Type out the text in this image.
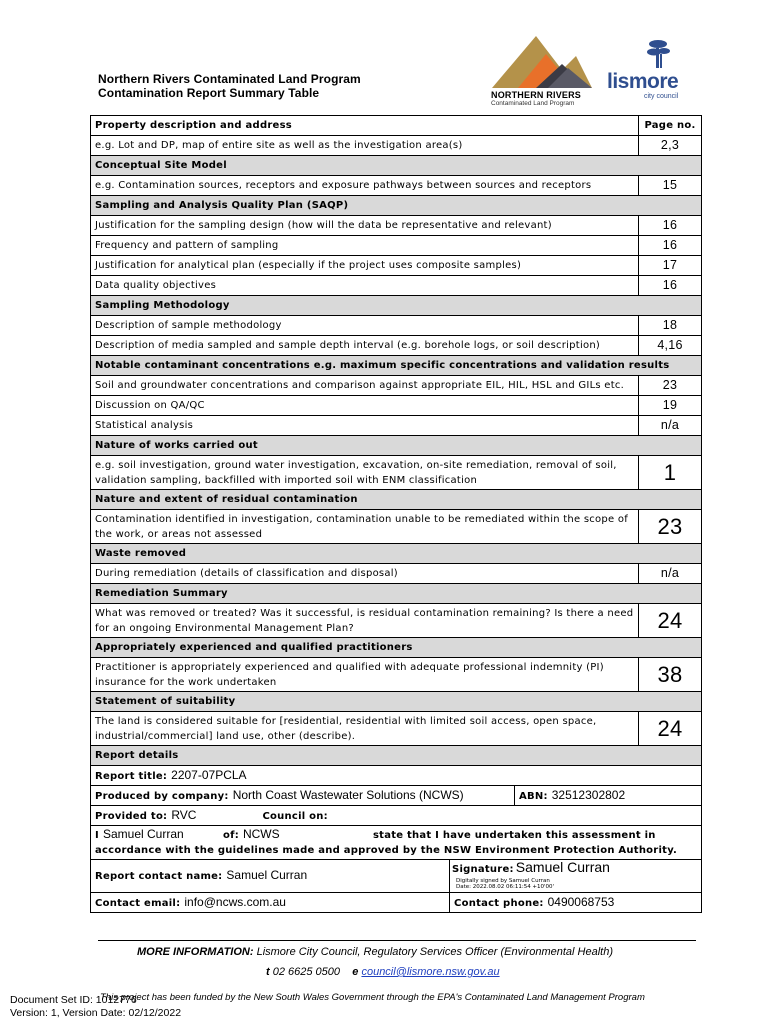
Northern Rivers Contaminated Land Program
Contamination Report Summary Table	NORTHERN RIVERS
Contaminated Land Program
lismore
city council
Property description and address	Page no.
e.g. Lot and DP, map of entire site as well as the investigation area(s)	2,3
Conceptual Site Model
e.g. Contamination sources, receptors and exposure pathways between sources and receptors	15
Sampling and Analysis Quality Plan (SAQP)
Justification for the sampling design (how will the data be representative and relevant)	16
Frequency and pattern of sampling	16
Justification for analytical plan (especially if the project uses composite samples)	17
Data quality objectives	16
Sampling Methodology
Description of sample methodology	18
Description of media sampled and sample depth interval (e.g. borehole logs, or soil description)	4,16
Notable contaminant concentrations e.g. maximum specific concentrations and validation results
Soil and groundwater concentrations and comparison against appropriate EIL, HIL, HSL and GILs etc.	23
Discussion on QA/QC	19
Statistical analysis	n/a
Nature of works carried out
e.g. soil investigation, ground water investigation, excavation, on-site remediation, removal of soil, validation sampling, backfilled with imported soil with ENM classification	1
Nature and extent of residual contamination
Contamination identified in investigation, contamination unable to be remediated within the scope of the work, or areas not assessed	23
Waste removed
During remediation (details of classification and disposal)	n/a
Remediation Summary
What was removed or treated? Was it successful, is residual contamination remaining? Is there a need for an ongoing Environmental Management Plan?	24
Appropriately experienced and qualified practitioners
Practitioner is appropriately experienced and qualified with adequate professional indemnity (PI) insurance for the work undertaken	38
Statement of suitability
The land is considered suitable for [residential, residential with limited soil access, open space, industrial/commercial] land use, other (describe).	24
Report details
Report title: 2207-07PCLA

Produced by company: North Coast Wastewater Solutions (NCWS)	ABN: 32512302802

Provided to: RVC	Council on:

I Samuel Curran	of: NCWS	state that I have undertaken this assessment in
accordance with the guidelines made and approved by the NSW Environment Protection Authority.

Report contact name: Samuel Curran	Signature: Samuel CurranDigitally signed by Samuel Curran
Date: 2022.08.02 06:11:54 +10'00'

Contact email: info@ncws.com.au	Contact phone: 0490068753
MORE INFORMATION: Lismore City Council, Regulatory Services Officer (Environmental Health)
t 02 6625 0500 e council@lismore.nsw.gov.au
Document Set ID: 1012776
Version: 1, Version Date: 02/12/2022
This project has been funded by the New South Wales Government through the EPA's Contaminated Land Management Program
